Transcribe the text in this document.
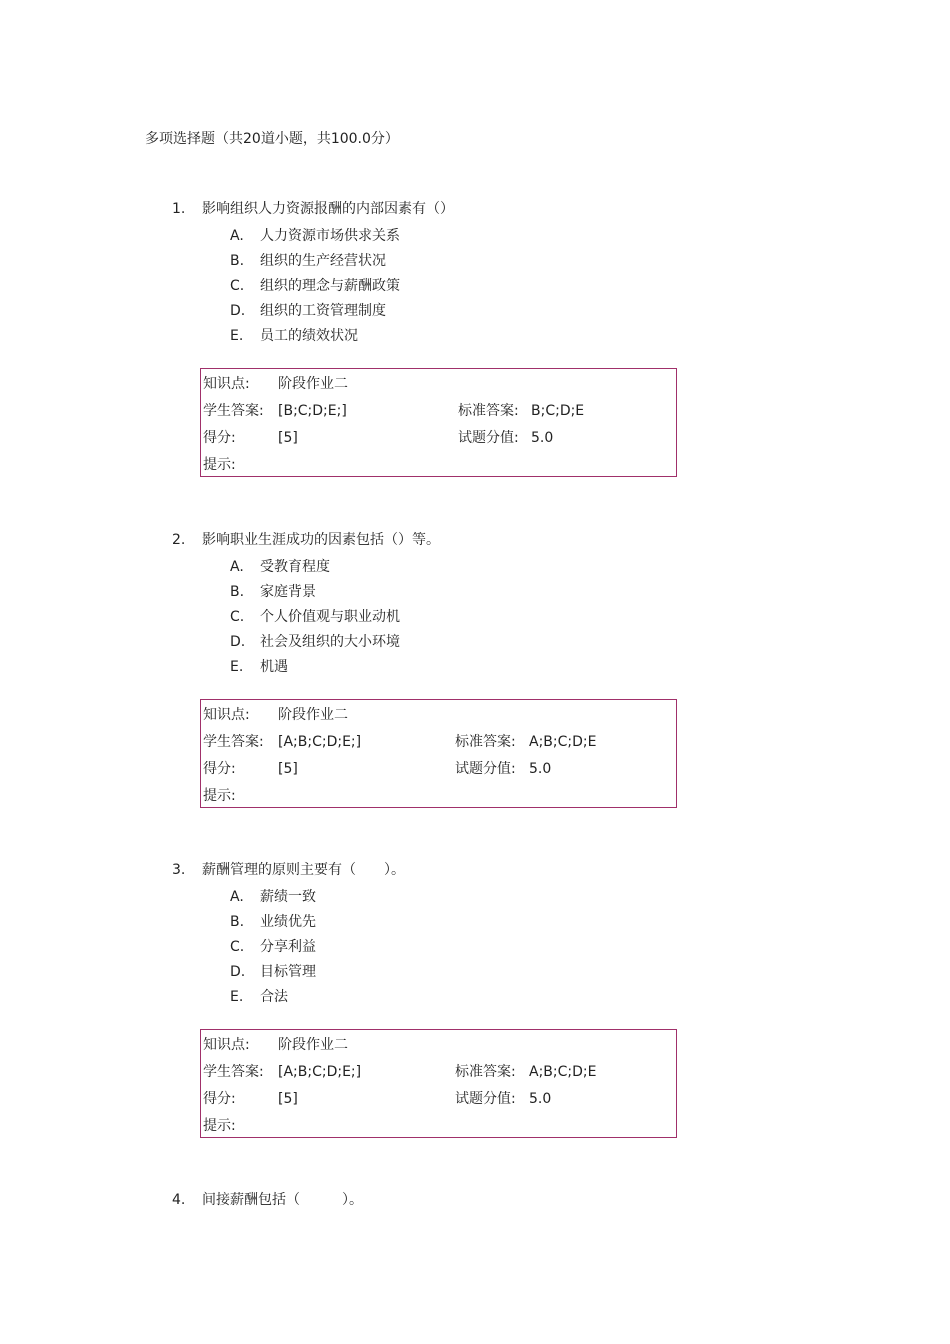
多项选择题（共20道小题，共100.0分）
1. 影响组织人力资源报酬的内部因素有（）
A. 人力资源市场供求关系
B. 组织的生产经营状况
C. 组织的理念与薪酬政策
D. 组织的工资管理制度
E. 员工的绩效状况
知识点: 阶段作业二
学生答案: [B;C;D;E;]	标准答案: B;C;D;E
得分:	[5]	试题分值: 5.0
提示:
2. 影响职业生涯成功的因素包括（）等。
A. 受教育程度
B. 家庭背景
C. 个人价值观与职业动机
D. 社会及组织的大小环境
E. 机遇
知识点: 阶段作业二
学生答案: [A;B;C;D;E;]	标准答案: A;B;C;D;E
得分:	[5]	试题分值: 5.0
提示:
3. 薪酬管理的原则主要有（　　）。
A. 薪绩一致
B. 业绩优先
C. 分享利益
D. 目标管理
E. 合法
知识点: 阶段作业二
学生答案: [A;B;C;D;E;]	标准答案: A;B;C;D;E
得分:	[5]	试题分值: 5.0
提示:
4. 间接薪酬包括（　　　）。
